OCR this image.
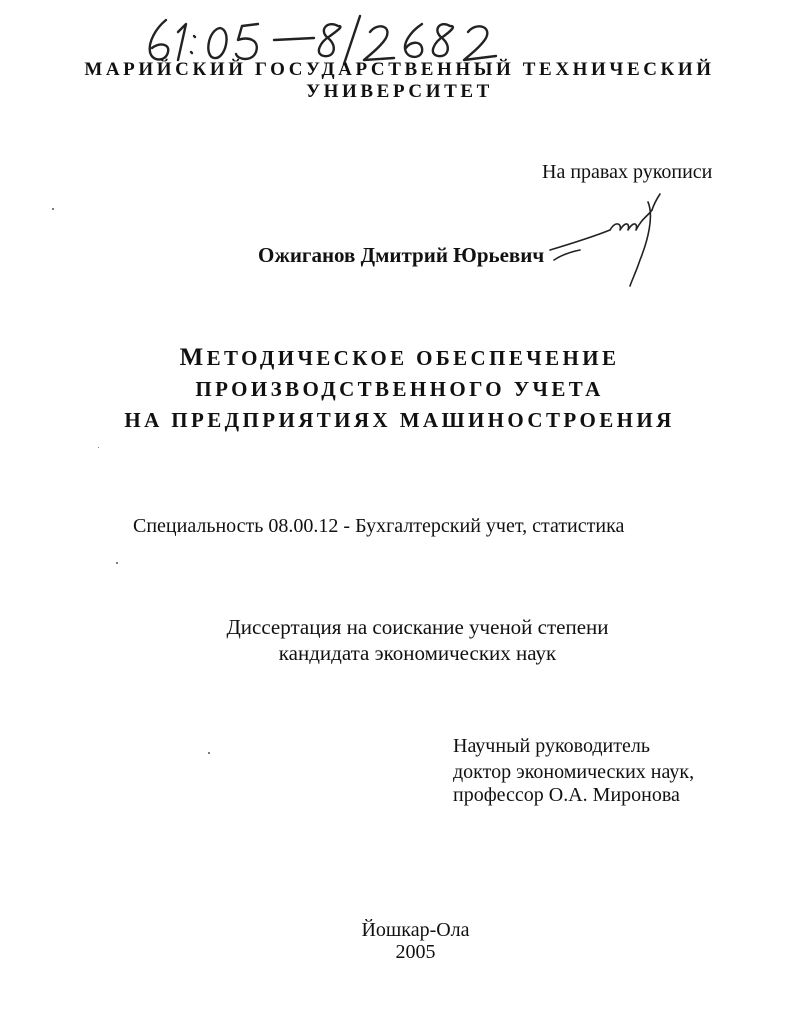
МАРИЙСКИЙ ГОСУДАРСТВЕННЫЙ ТЕХНИЧЕСКИЙ
УНИВЕРСИТЕТ
На правах рукописи
Ожиганов Дмитрий Юрьевич
МЕТОДИЧЕСКОЕ ОБЕСПЕЧЕНИЕ
ПРОИЗВОДСТВЕННОГО УЧЕТА
НА ПРЕДПРИЯТИЯХ МАШИНОСТРОЕНИЯ
Специальность 08.00.12 - Бухгалтерский учет, статистика
Диссертация на соискание ученой степени
кандидата экономических наук
Научный руководитель
доктор экономических наук,
профессор О.А. Миронова
Йошкар-Ола
2005
